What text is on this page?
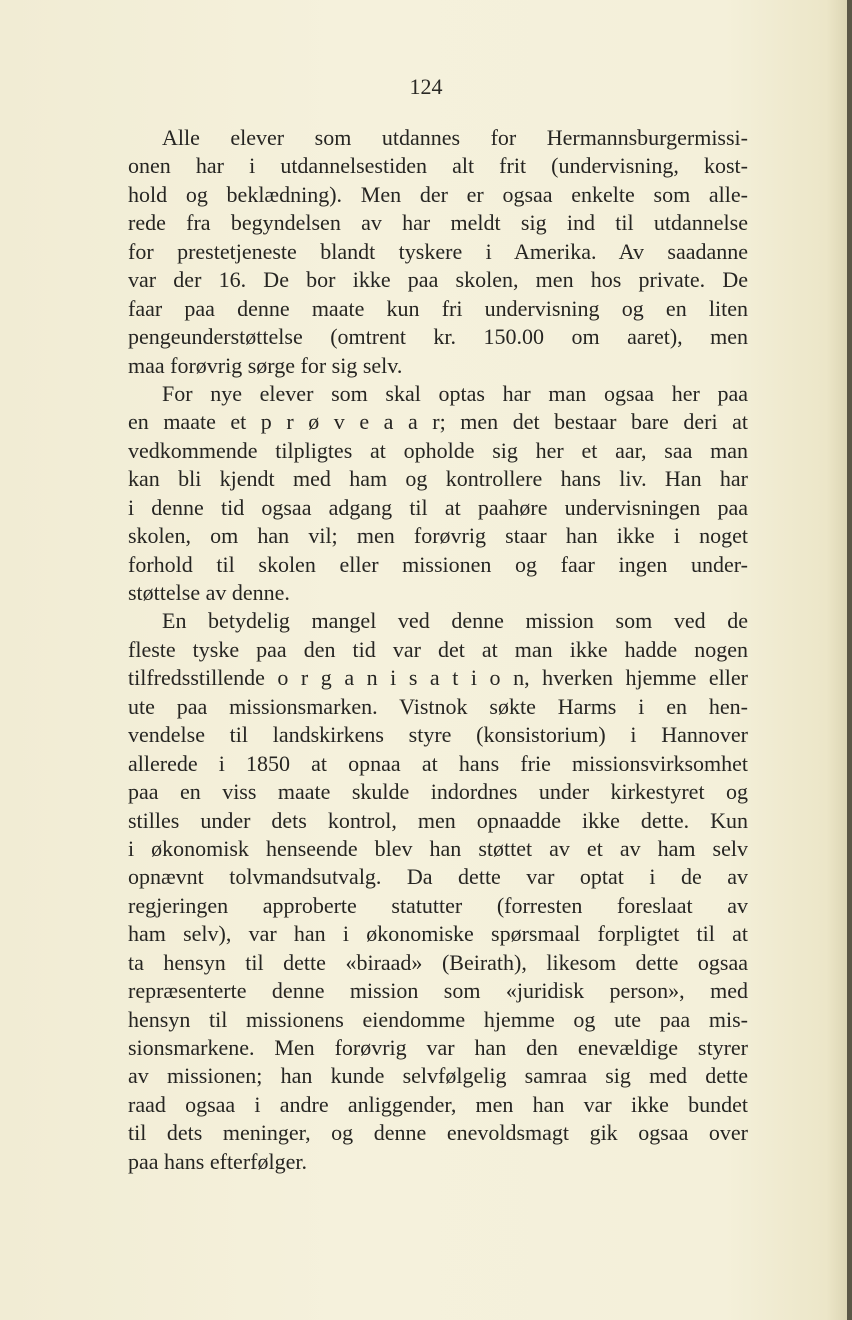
124
Alle elever som utdannes for Hermannsburgermissi-
onen har i utdannelsestiden alt frit (undervisning, kost-
hold og beklædning). Men der er ogsaa enkelte som alle-
rede fra begyndelsen av har meldt sig ind til utdannelse
for prestetjeneste blandt tyskere i Amerika. Av saadanne
var der 16. De bor ikke paa skolen, men hos private. De
faar paa denne maate kun fri undervisning og en liten
pengeunderstøttelse (omtrent kr. 150.00 om aaret), men
maa forøvrig sørge for sig selv.
For nye elever som skal optas har man ogsaa her paa
en maate et p r ø v e a a r; men det bestaar bare deri at
vedkommende tilpligtes at opholde sig her et aar, saa man
kan bli kjendt med ham og kontrollere hans liv. Han har
i denne tid ogsaa adgang til at paahøre undervisningen paa
skolen, om han vil; men forøvrig staar han ikke i noget
forhold til skolen eller missionen og faar ingen under-
støttelse av denne.
En betydelig mangel ved denne mission som ved de
fleste tyske paa den tid var det at man ikke hadde nogen
tilfredsstillende o r g a n i s a t i o n, hverken hjemme eller
ute paa missionsmarken. Vistnok søkte Harms i en hen-
vendelse til landskirkens styre (konsistorium) i Hannover
allerede i 1850 at opnaa at hans frie missionsvirksomhet
paa en viss maate skulde indordnes under kirkestyret og
stilles under dets kontrol, men opnaadde ikke dette. Kun
i økonomisk henseende blev han støttet av et av ham selv
opnævnt tolvmandsutvalg. Da dette var optat i de av
regjeringen approberte statutter (forresten foreslaat av
ham selv), var han i økonomiske spørsmaal forpligtet til at
ta hensyn til dette «biraad» (Beirath), likesom dette ogsaa
repræsenterte denne mission som «juridisk person», med
hensyn til missionens eiendomme hjemme og ute paa mis-
sionsmarkene. Men forøvrig var han den enevældige styrer
av missionen; han kunde selvfølgelig samraa sig med dette
raad ogsaa i andre anliggender, men han var ikke bundet
til dets meninger, og denne enevoldsmagt gik ogsaa over
paa hans efterfølger.
